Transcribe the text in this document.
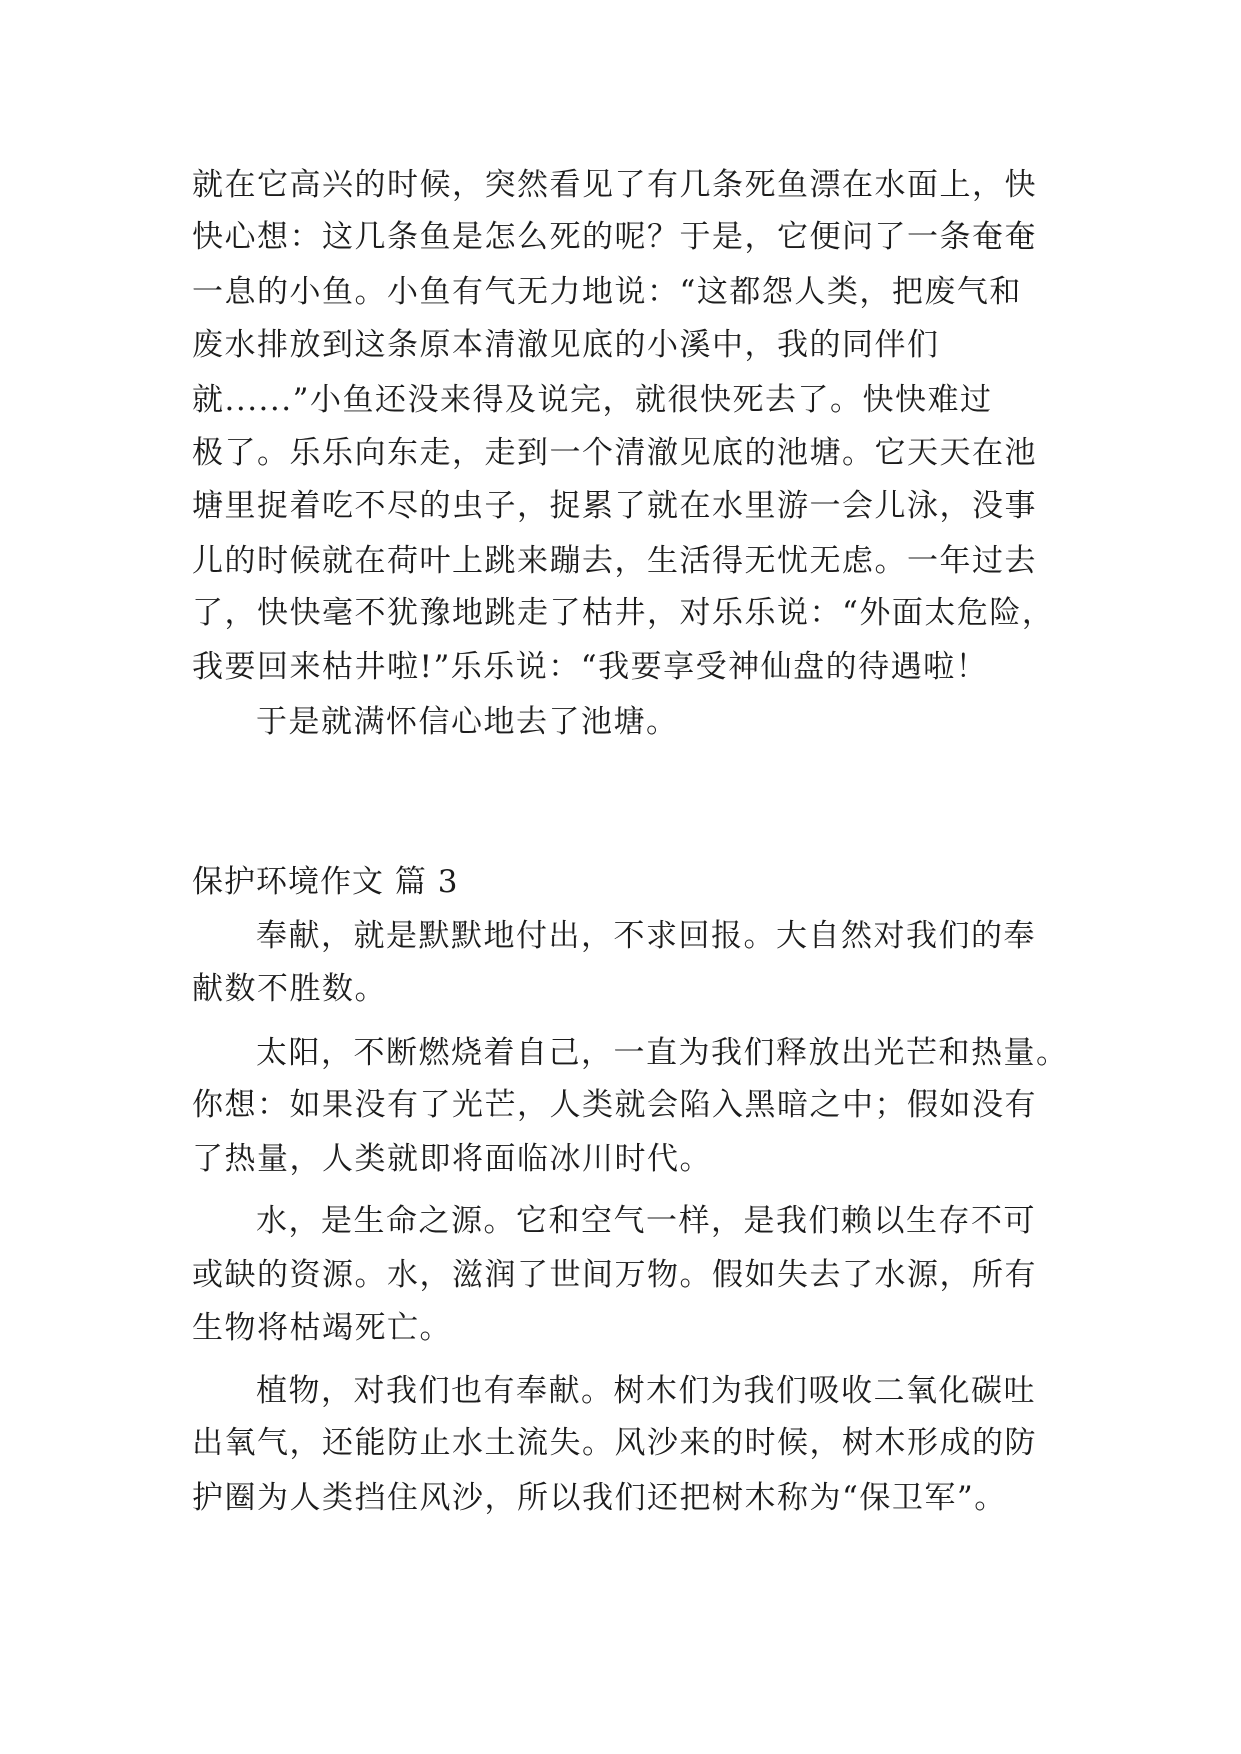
就在它高兴的时候，突然看见了有几条死鱼漂在水面上，快
快心想：这几条鱼是怎么死的呢？于是，它便问了一条奄奄
一息的小鱼。小鱼有气无力地说：“这都怨人类，把废气和
废水排放到这条原本清澈见底的小溪中，我的同伴们
就......”小鱼还没来得及说完，就很快死去了。快快难过
极了。乐乐向东走，走到一个清澈见底的池塘。它天天在池
塘里捉着吃不尽的虫子，捉累了就在水里游一会儿泳，没事
儿的时候就在荷叶上跳来蹦去，生活得无忧无虑。一年过去
了，快快毫不犹豫地跳走了枯井，对乐乐说：“外面太危险，
我要回来枯井啦!”乐乐说：“我要享受神仙盘的待遇啦！
于是就满怀信心地去了池塘。
保护环境作文 篇 3
奉献，就是默默地付出，不求回报。大自然对我们的奉
献数不胜数。
太阳，不断燃烧着自己，一直为我们释放出光芒和热量。
你想：如果没有了光芒，人类就会陷入黑暗之中；假如没有
了热量，人类就即将面临冰川时代。
水，是生命之源。它和空气一样，是我们赖以生存不可
或缺的资源。水，滋润了世间万物。假如失去了水源，所有
生物将枯竭死亡。
植物，对我们也有奉献。树木们为我们吸收二氧化碳吐
出氧气，还能防止水土流失。风沙来的时候，树木形成的防
护圈为人类挡住风沙，所以我们还把树木称为“保卫军”。
